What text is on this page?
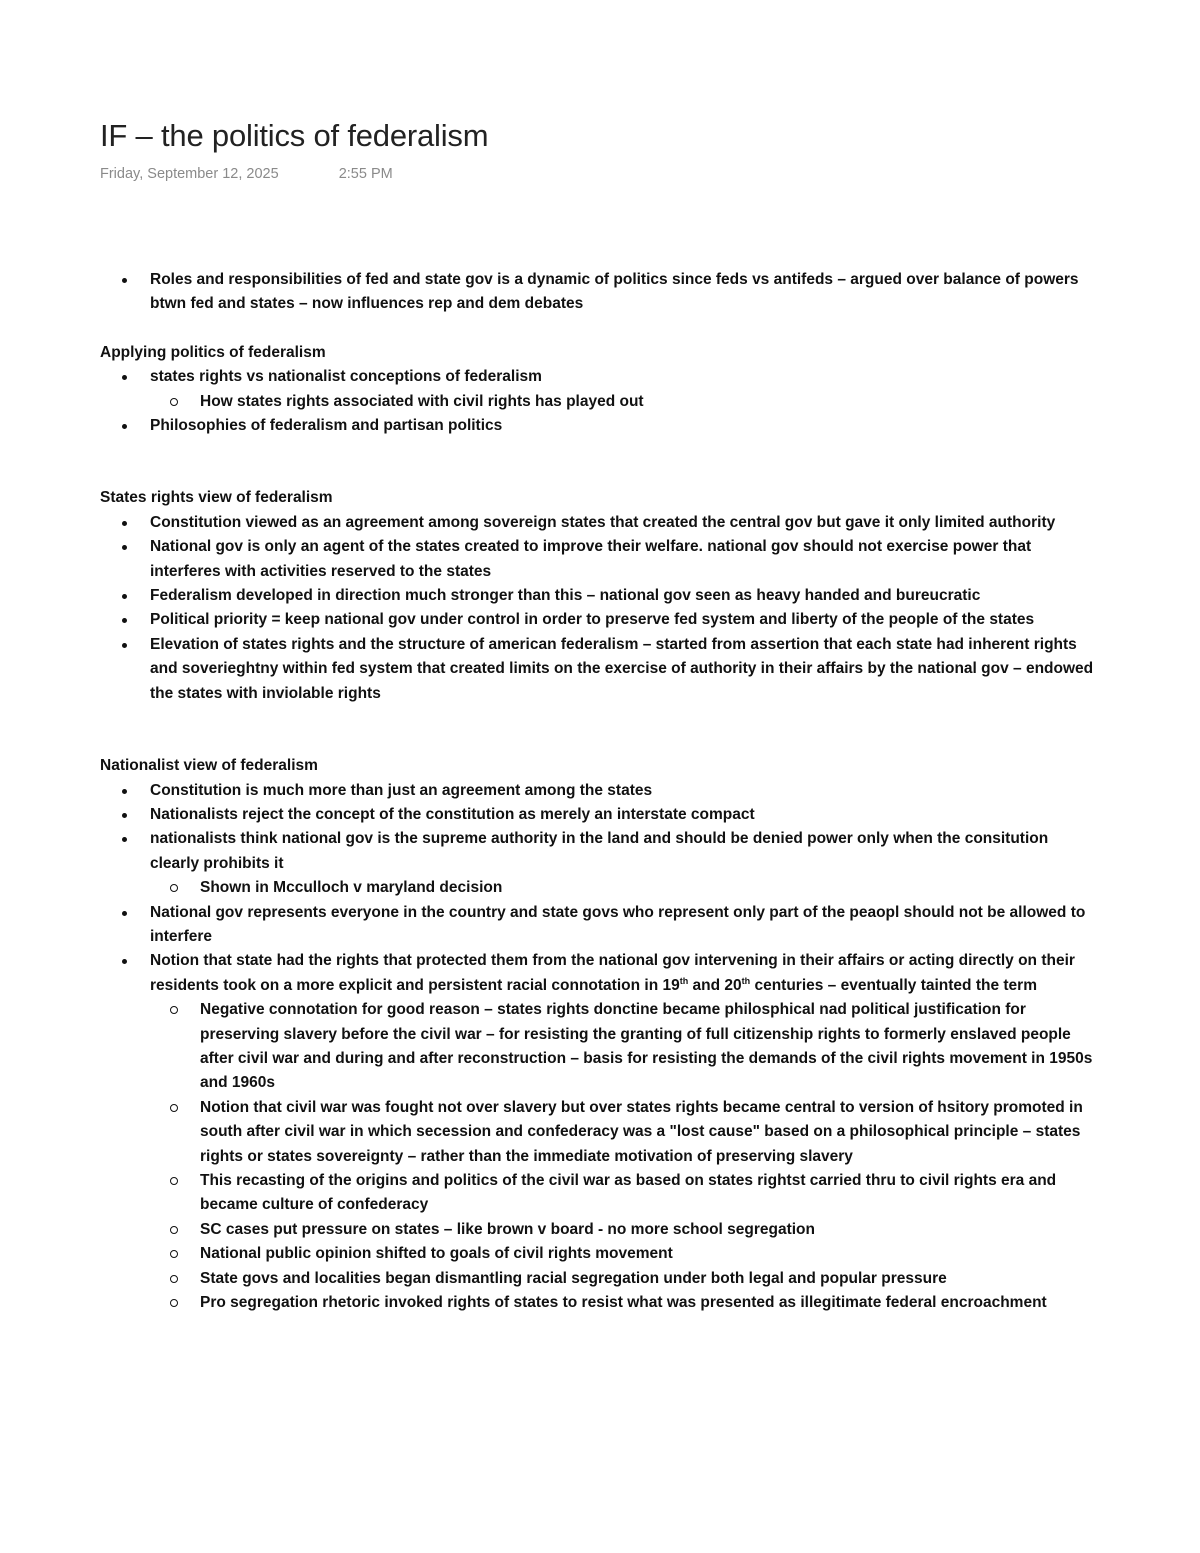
IF – the politics of federalism
Friday, September 12, 2025	2:55 PM
Roles and responsibilities of fed and state gov is a dynamic of politics since feds vs antifeds – argued over balance of powers btwn fed and states – now influences rep and dem debates

Applying politics of federalism

states rights vs nationalist conceptions of federalism
How states rights associated with civil rights has played out
Philosophies of federalism and partisan politics

States rights view of federalism

Constitution viewed as an agreement among sovereign states that created the central gov but gave it only limited authority
National gov is only an agent of the states created to improve their welfare. national gov should not exercise power that interferes with activities reserved to the states
Federalism developed in direction much stronger than this – national gov seen as heavy handed and bureucratic
Political priority = keep national gov under control in order to preserve fed system and liberty of the people of the states
Elevation of states rights and the structure of american federalism – started from assertion that each state had inherent rights and soverieghtny within fed system that created limits on the exercise of authority in their affairs by the national gov – endowed the states with inviolable rights

Nationalist view of federalism

Constitution is much more than just an agreement among the states
Nationalists reject the concept of the constitution as merely an interstate compact
nationalists think national gov is the supreme authority in the land and should be denied power only when the consitution clearly prohibits it
Shown in Mcculloch v maryland decision
National gov represents everyone in the country and state govs who represent only part of the peaopl should not be allowed to interfere
Notion that state had the rights that protected them from the national gov intervening in their affairs or acting directly on their residents took on a more explicit and persistent racial connotation in 19th and 20th centuries – eventually tainted the term
Negative connotation for good reason – states rights donctine became philosphical nad political justification for preserving slavery before the civil war – for resisting the granting of full citizenship rights to formerly enslaved people after civil war and during and after reconstruction – basis for resisting the demands of the civil rights movement in 1950s and 1960s
Notion that civil war was fought not over slavery but over states rights became central to version of hsitory promoted in south after civil war in which secession and confederacy was a "lost cause" based on a philosophical principle – states rights or states sovereignty – rather than the immediate motivation of preserving slavery
This recasting of the origins and politics of the civil war as based on states rightst carried thru to civil rights era and became culture of confederacy
SC cases put pressure on states – like brown v board - no more school segregation
National public opinion shifted to goals of civil rights movement
State govs and localities began dismantling racial segregation under both legal and popular pressure
Pro segregation rhetoric invoked rights of states to resist what was presented as illegitimate federal encroachment
